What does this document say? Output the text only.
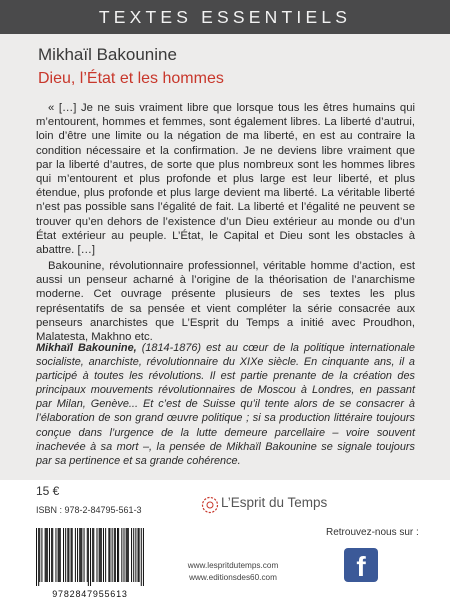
TEXTES ESSENTIELS
Mikhaïl Bakounine
Dieu, l’État et les hommes

« […] Je ne suis vraiment libre que lorsque tous les êtres humains qui m’entourent, hommes et femmes, sont également libres. La liberté d’autrui, loin d’être une limite ou la négation de ma liberté, en est au contraire la condition nécessaire et la confirmation. Je ne deviens libre vraiment que par la liberté d’autres, de sorte que plus nombreux sont les hommes libres qui m’entourent et plus profonde et plus large est leur liberté, et plus étendue, plus profonde et plus large devient ma liberté. La véritable liberté n’est pas possible sans l’égalité de fait. La liberté et l’égalité ne peuvent se trouver qu’en dehors de l’existence d’un Dieu extérieur au monde ou d’un État extérieur au peuple. L’État, le Capital et Dieu sont les obstacles à abattre. […]

Bakounine, révolutionnaire professionnel, véritable homme d’action, est aussi un penseur acharné à l’origine de la théorisation de l’anarchisme moderne. Cet ouvrage présente plusieurs de ses textes les plus représentatifs de sa pensée et vient compléter la série consacrée aux penseurs anarchistes que L’Esprit du Temps a initié avec Proudhon, Malatesta, Makhno etc.

Mikhaïl Bakounine, (1814-1876) est au cœur de la politique internationale socialiste, anarchiste, révolutionnaire du XIXe siècle. En cinquante ans, il a participé à toutes les révolutions. Il est partie prenante de la création des principaux mouvements révolutionnaires de Moscou à Londres, en passant par Milan, Genève... Et c’est de Suisse qu’il tente alors de se consacrer à l’élaboration de son grand œuvre politique ; si sa production littéraire toujours conçue dans l’urgence de la lutte demeure parcellaire – voire souvent inachevée à sa mort –, la pensée de Mikhaïl Bakounine se signale toujours par sa pertinence et sa grande cohérence.

15 €
ISBN : 978-2-84795-561-3
9782847955613
L’Esprit du Temps
www.lespritdutemps.com
www.editionsdes60.com
Retrouvez-nous sur :
f
